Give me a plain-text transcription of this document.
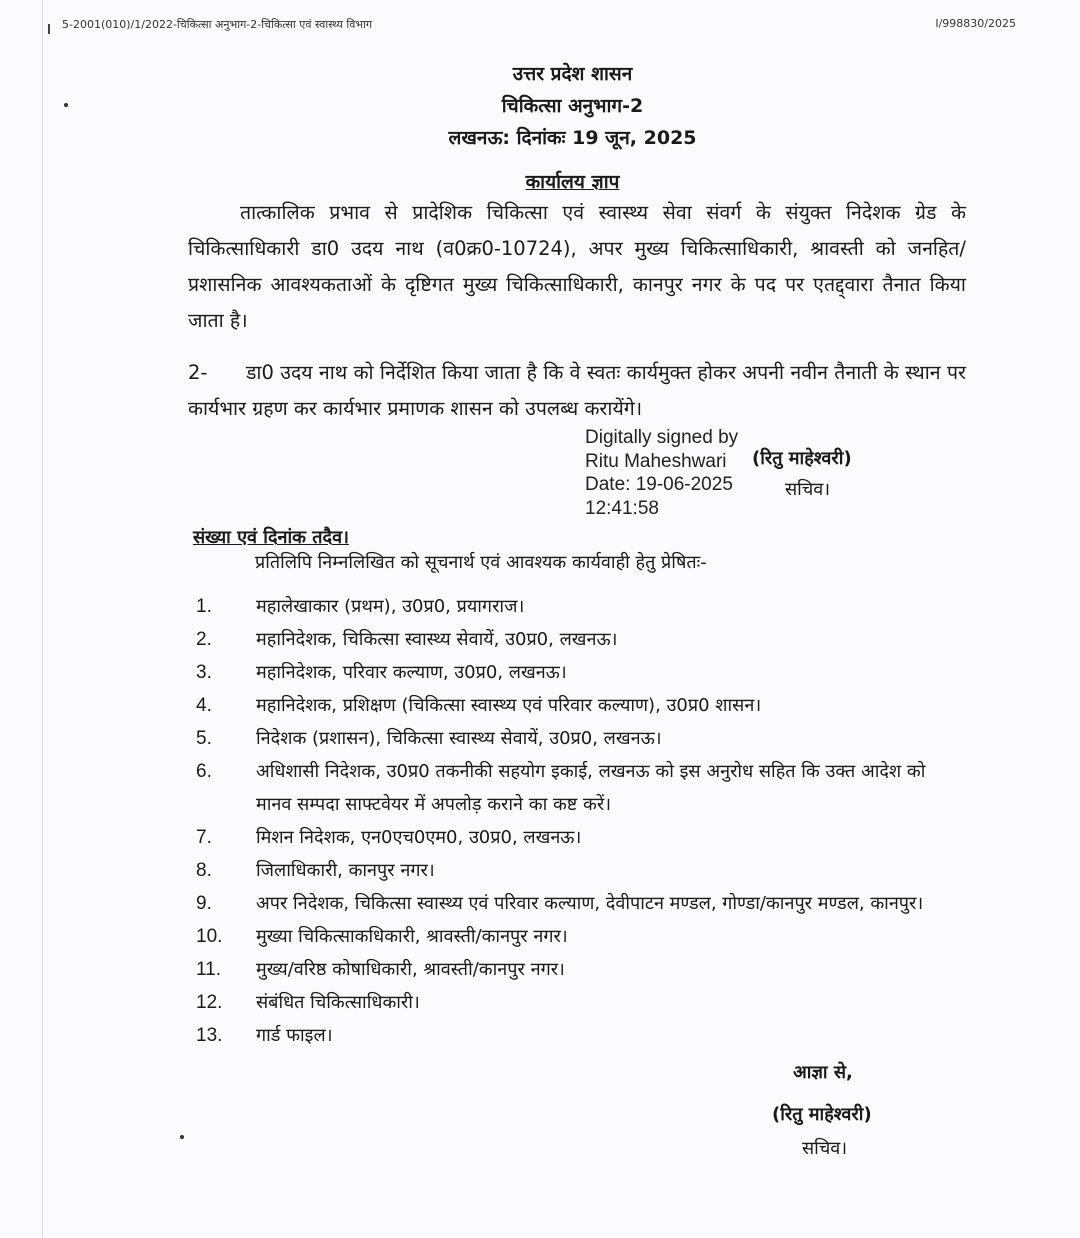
5-2001(010)/1/2022-चिकित्सा अनुभाग-2-चिकित्सा एवं स्वास्थ्य विभाग	I/998830/2025
उत्तर प्रदेश शासन
चिकित्सा अनुभाग-2
लखनऊ: दिनांकः 19 जून, 2025
कार्यालय ज्ञाप
तात्कालिक प्रभाव से प्रादेशिक चिकित्सा एवं स्वास्थ्य सेवा संवर्ग के संयुक्त निदेशक ग्रेड के चिकित्साधिकारी डा0 उदय नाथ (व0क्र0-10724), अपर मुख्य चिकित्साधिकारी, श्रावस्ती को जनहित/प्रशासनिक आवश्यकताओं के दृष्टिगत मुख्य चिकित्साधिकारी, कानपुर नगर के पद पर एतद्द्वारा तैनात किया जाता है।
2- डा0 उदय नाथ को निर्देशित किया जाता है कि वे स्वतः कार्यमुक्त होकर अपनी नवीन तैनाती के स्थान पर कार्यभार ग्रहण कर कार्यभार प्रमाणक शासन को उपलब्ध करायेंगे।
Digitally signed by
Ritu Maheshwari
Date: 19-06-2025
12:41:58
(रितु माहेश्वरी)
सचिव।
संख्या एवं दिनांक तदैव।
प्रतिलिपि निम्नलिखित को सूचनार्थ एवं आवश्यक कार्यवाही हेतु प्रेषितः-
1.	महालेखाकार (प्रथम), उ0प्र0, प्रयागराज।
2.	महानिदेशक, चिकित्सा स्वास्थ्य सेवायें, उ0प्र0, लखनऊ।
3.	महानिदेशक, परिवार कल्याण, उ0प्र0, लखनऊ।
4.	महानिदेशक, प्रशिक्षण (चिकित्सा स्वास्थ्य एवं परिवार कल्याण), उ0प्र0 शासन।
5.	निदेशक (प्रशासन), चिकित्सा स्वास्थ्य सेवायें, उ0प्र0, लखनऊ।
6.	अधिशासी निदेशक, उ0प्र0 तकनीकी सहयोग इकाई, लखनऊ को इस अनुरोध सहित कि उक्त आदेश को मानव सम्पदा साफ्टवेयर में अपलोड़ कराने का कष्ट करें।
7.	मिशन निदेशक, एन0एच0एम0, उ0प्र0, लखनऊ।
8.	जिलाधिकारी, कानपुर नगर।
9.	अपर निदेशक, चिकित्सा स्वास्थ्य एवं परिवार कल्याण, देवीपाटन मण्डल, गोण्डा/कानपुर मण्डल, कानपुर।
10.	मुख्या चिकित्साकधिकारी, श्रावस्ती/कानपुर नगर।
11.	मुख्य/वरिष्ठ कोषाधिकारी, श्रावस्ती/कानपुर नगर।
12.	संबंधित चिकित्साधिकारी।
13.	गार्ड फाइल।
आज्ञा से,
(रितु माहेश्वरी)
सचिव।
